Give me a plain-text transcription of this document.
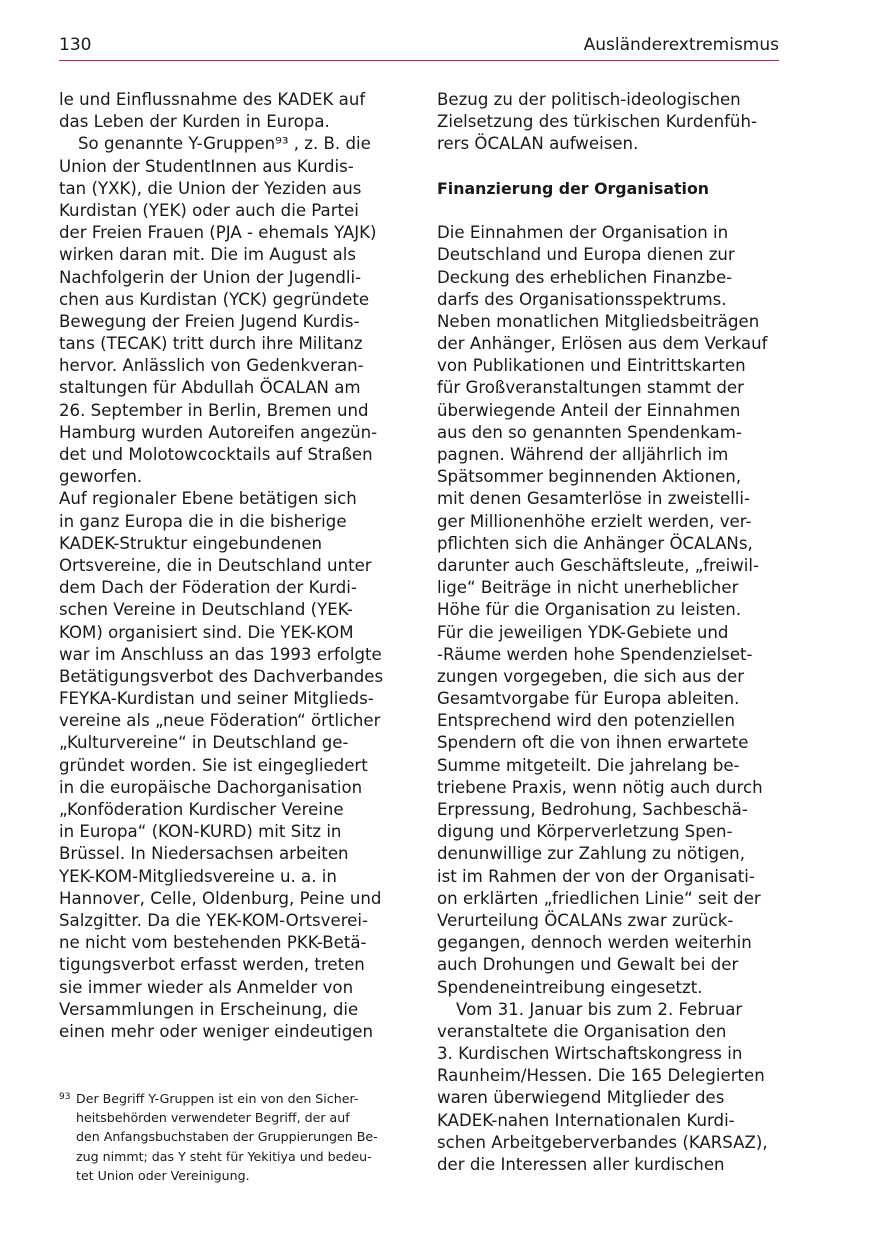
130	Ausländerextremismus
le und Einflussnahme des KADEK auf
das Leben der Kurden in Europa.
So genannte Y-Gruppen⁹³ , z. B. die
Union der StudentInnen aus Kurdis-
tan (YXK), die Union der Yeziden aus
Kurdistan (YEK) oder auch die Partei
der Freien Frauen (PJA - ehemals YAJK)
wirken daran mit. Die im August als
Nachfolgerin der Union der Jugendli-
chen aus Kurdistan (YCK) gegründete
Bewegung der Freien Jugend Kurdis-
tans (TECAK) tritt durch ihre Militanz
hervor. Anlässlich von Gedenkveran-
staltungen für Abdullah ÖCALAN am
26. September in Berlin, Bremen und
Hamburg wurden Autoreifen angezün-
det und Molotowcocktails auf Straßen
geworfen.
Auf regionaler Ebene betätigen sich
in ganz Europa die in die bisherige
KADEK-Struktur eingebundenen
Ortsvereine, die in Deutschland unter
dem Dach der Föderation der Kurdi-
schen Vereine in Deutschland (YEK-
KOM) organisiert sind. Die YEK-KOM
war im Anschluss an das 1993 erfolgte
Betätigungsverbot des Dachverbandes
FEYKA-Kurdistan und seiner Mitglieds-
vereine als „neue Föderation“ örtlicher
„Kulturvereine“ in Deutschland ge-
gründet worden. Sie ist eingegliedert
in die europäische Dachorganisation
„Konföderation Kurdischer Vereine
in Europa“ (KON-KURD) mit Sitz in
Brüssel. In Niedersachsen arbeiten
YEK-KOM-Mitgliedsvereine u. a. in
Hannover, Celle, Oldenburg, Peine und
Salzgitter. Da die YEK-KOM-Ortsverei-
ne nicht vom bestehenden PKK-Betä-
tigungsverbot erfasst werden, treten
sie immer wieder als Anmelder von
Versammlungen in Erscheinung, die
einen mehr oder weniger eindeutigen
Bezug zu der politisch-ideologischen
Zielsetzung des türkischen Kurdenfüh-
rers ÖCALAN aufweisen.
Finanzierung der Organisation
Die Einnahmen der Organisation in
Deutschland und Europa dienen zur
Deckung des erheblichen Finanzbe-
darfs des Organisationsspektrums.
Neben monatlichen Mitgliedsbeiträgen
der Anhänger, Erlösen aus dem Verkauf
von Publikationen und Eintrittskarten
für Großveranstaltungen stammt der
überwiegende Anteil der Einnahmen
aus den so genannten Spendenkam-
pagnen. Während der alljährlich im
Spätsommer beginnenden Aktionen,
mit denen Gesamterlöse in zweistelli-
ger Millionenhöhe erzielt werden, ver-
pflichten sich die Anhänger ÖCALANs,
darunter auch Geschäftsleute, „freiwil-
lige“ Beiträge in nicht unerheblicher
Höhe für die Organisation zu leisten.
Für die jeweiligen YDK-Gebiete und
-Räume werden hohe Spendenzielset-
zungen vorgegeben, die sich aus der
Gesamtvorgabe für Europa ableiten.
Entsprechend wird den potenziellen
Spendern oft die von ihnen erwartete
Summe mitgeteilt. Die jahrelang be-
triebene Praxis, wenn nötig auch durch
Erpressung, Bedrohung, Sachbeschä-
digung und Körperverletzung Spen-
denunwillige zur Zahlung zu nötigen,
ist im Rahmen der von der Organisati-
on erklärten „friedlichen Linie“ seit der
Verurteilung ÖCALANs zwar zurück-
gegangen, dennoch werden weiterhin
auch Drohungen und Gewalt bei der
Spendeneintreibung eingesetzt.
Vom 31. Januar bis zum 2. Februar
veranstaltete die Organisation den
3. Kurdischen Wirtschaftskongress in
Raunheim/Hessen. Die 165 Delegierten
waren überwiegend Mitglieder des
KADEK-nahen Internationalen Kurdi-
schen Arbeitgeberverbandes (KARSAZ),
der die Interessen aller kurdischen
93 Der Begriff Y-Gruppen ist ein von den Sicher-
heitsbehörden verwendeter Begriff, der auf
den Anfangsbuchstaben der Gruppierungen Be-
zug nimmt; das Y steht für Yekitiya und bedeu-
tet Union oder Vereinigung.
